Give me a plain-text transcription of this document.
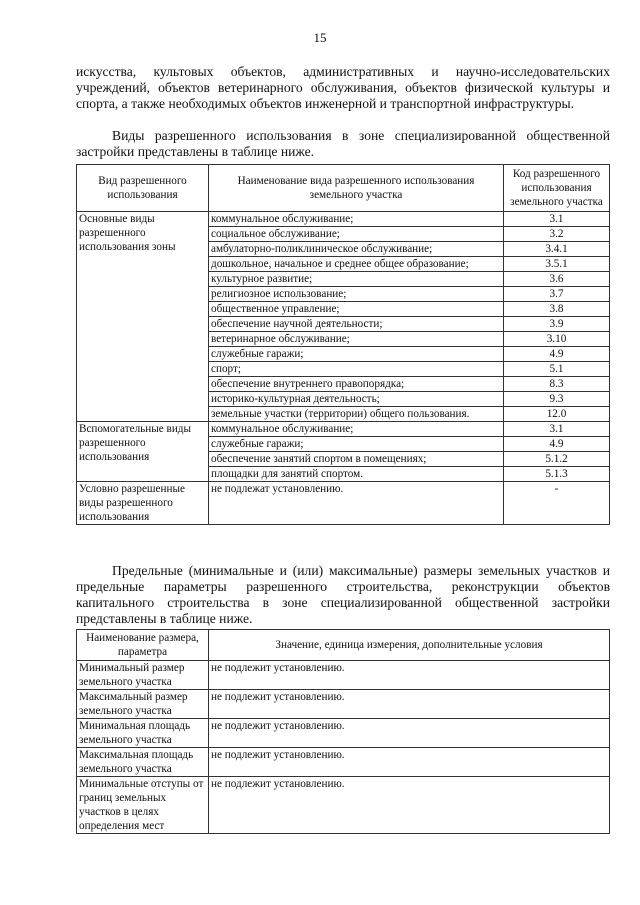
15
искусства, культовых объектов, административных и научно-исследовательских учреждений, объектов ветеринарного обслуживания, объектов физической культуры и спорта, а также необходимых объектов инженерной и транспортной инфраструктуры.
Виды разрешенного использования в зоне специализированной общественной застройки представлены в таблице ниже.
Вид разрешенного использования	Наименование вида разрешенного использования земельного участка	Код разрешенного использования земельного участка
Основные виды разрешенного использования зоны	коммунальное обслуживание;	3.1
	социальное обслуживание;	3.2
	амбулаторно-поликлиническое обслуживание;	3.4.1
	дошкольное, начальное и среднее общее образование;	3.5.1
	культурное развитие;	3.6
	религиозное использование;	3.7
	общественное управление;	3.8
	обеспечение научной деятельности;	3.9
	ветеринарное обслуживание;	3.10
	служебные гаражи;	4.9
	спорт;	5.1
	обеспечение внутреннего правопорядка;	8.3
	историко-культурная деятельность;	9.3
	земельные участки (территории) общего пользования.	12.0
Вспомогательные виды разрешенного использования	коммунальное обслуживание;	3.1
	служебные гаражи;	4.9
	обеспечение занятий спортом в помещениях;	5.1.2
	площадки для занятий спортом.	5.1.3
Условно разрешенные виды разрешенного использования	не подлежат установлению.	-
Предельные (минимальные и (или) максимальные) размеры земельных участков и предельные параметры разрешенного строительства, реконструкции объектов капитального строительства в зоне специализированной общественной застройки представлены в таблице ниже.
Наименование размера, параметра	Значение, единица измерения, дополнительные условия
Минимальный размер земельного участка	не подлежит установлению.
Максимальный размер земельного участка	не подлежит установлению.
Минимальная площадь земельного участка	не подлежит установлению.
Максимальная площадь земельного участка	не подлежит установлению.
Минимальные отступы от границ земельных участков в целях определения мест	не подлежит установлению.
